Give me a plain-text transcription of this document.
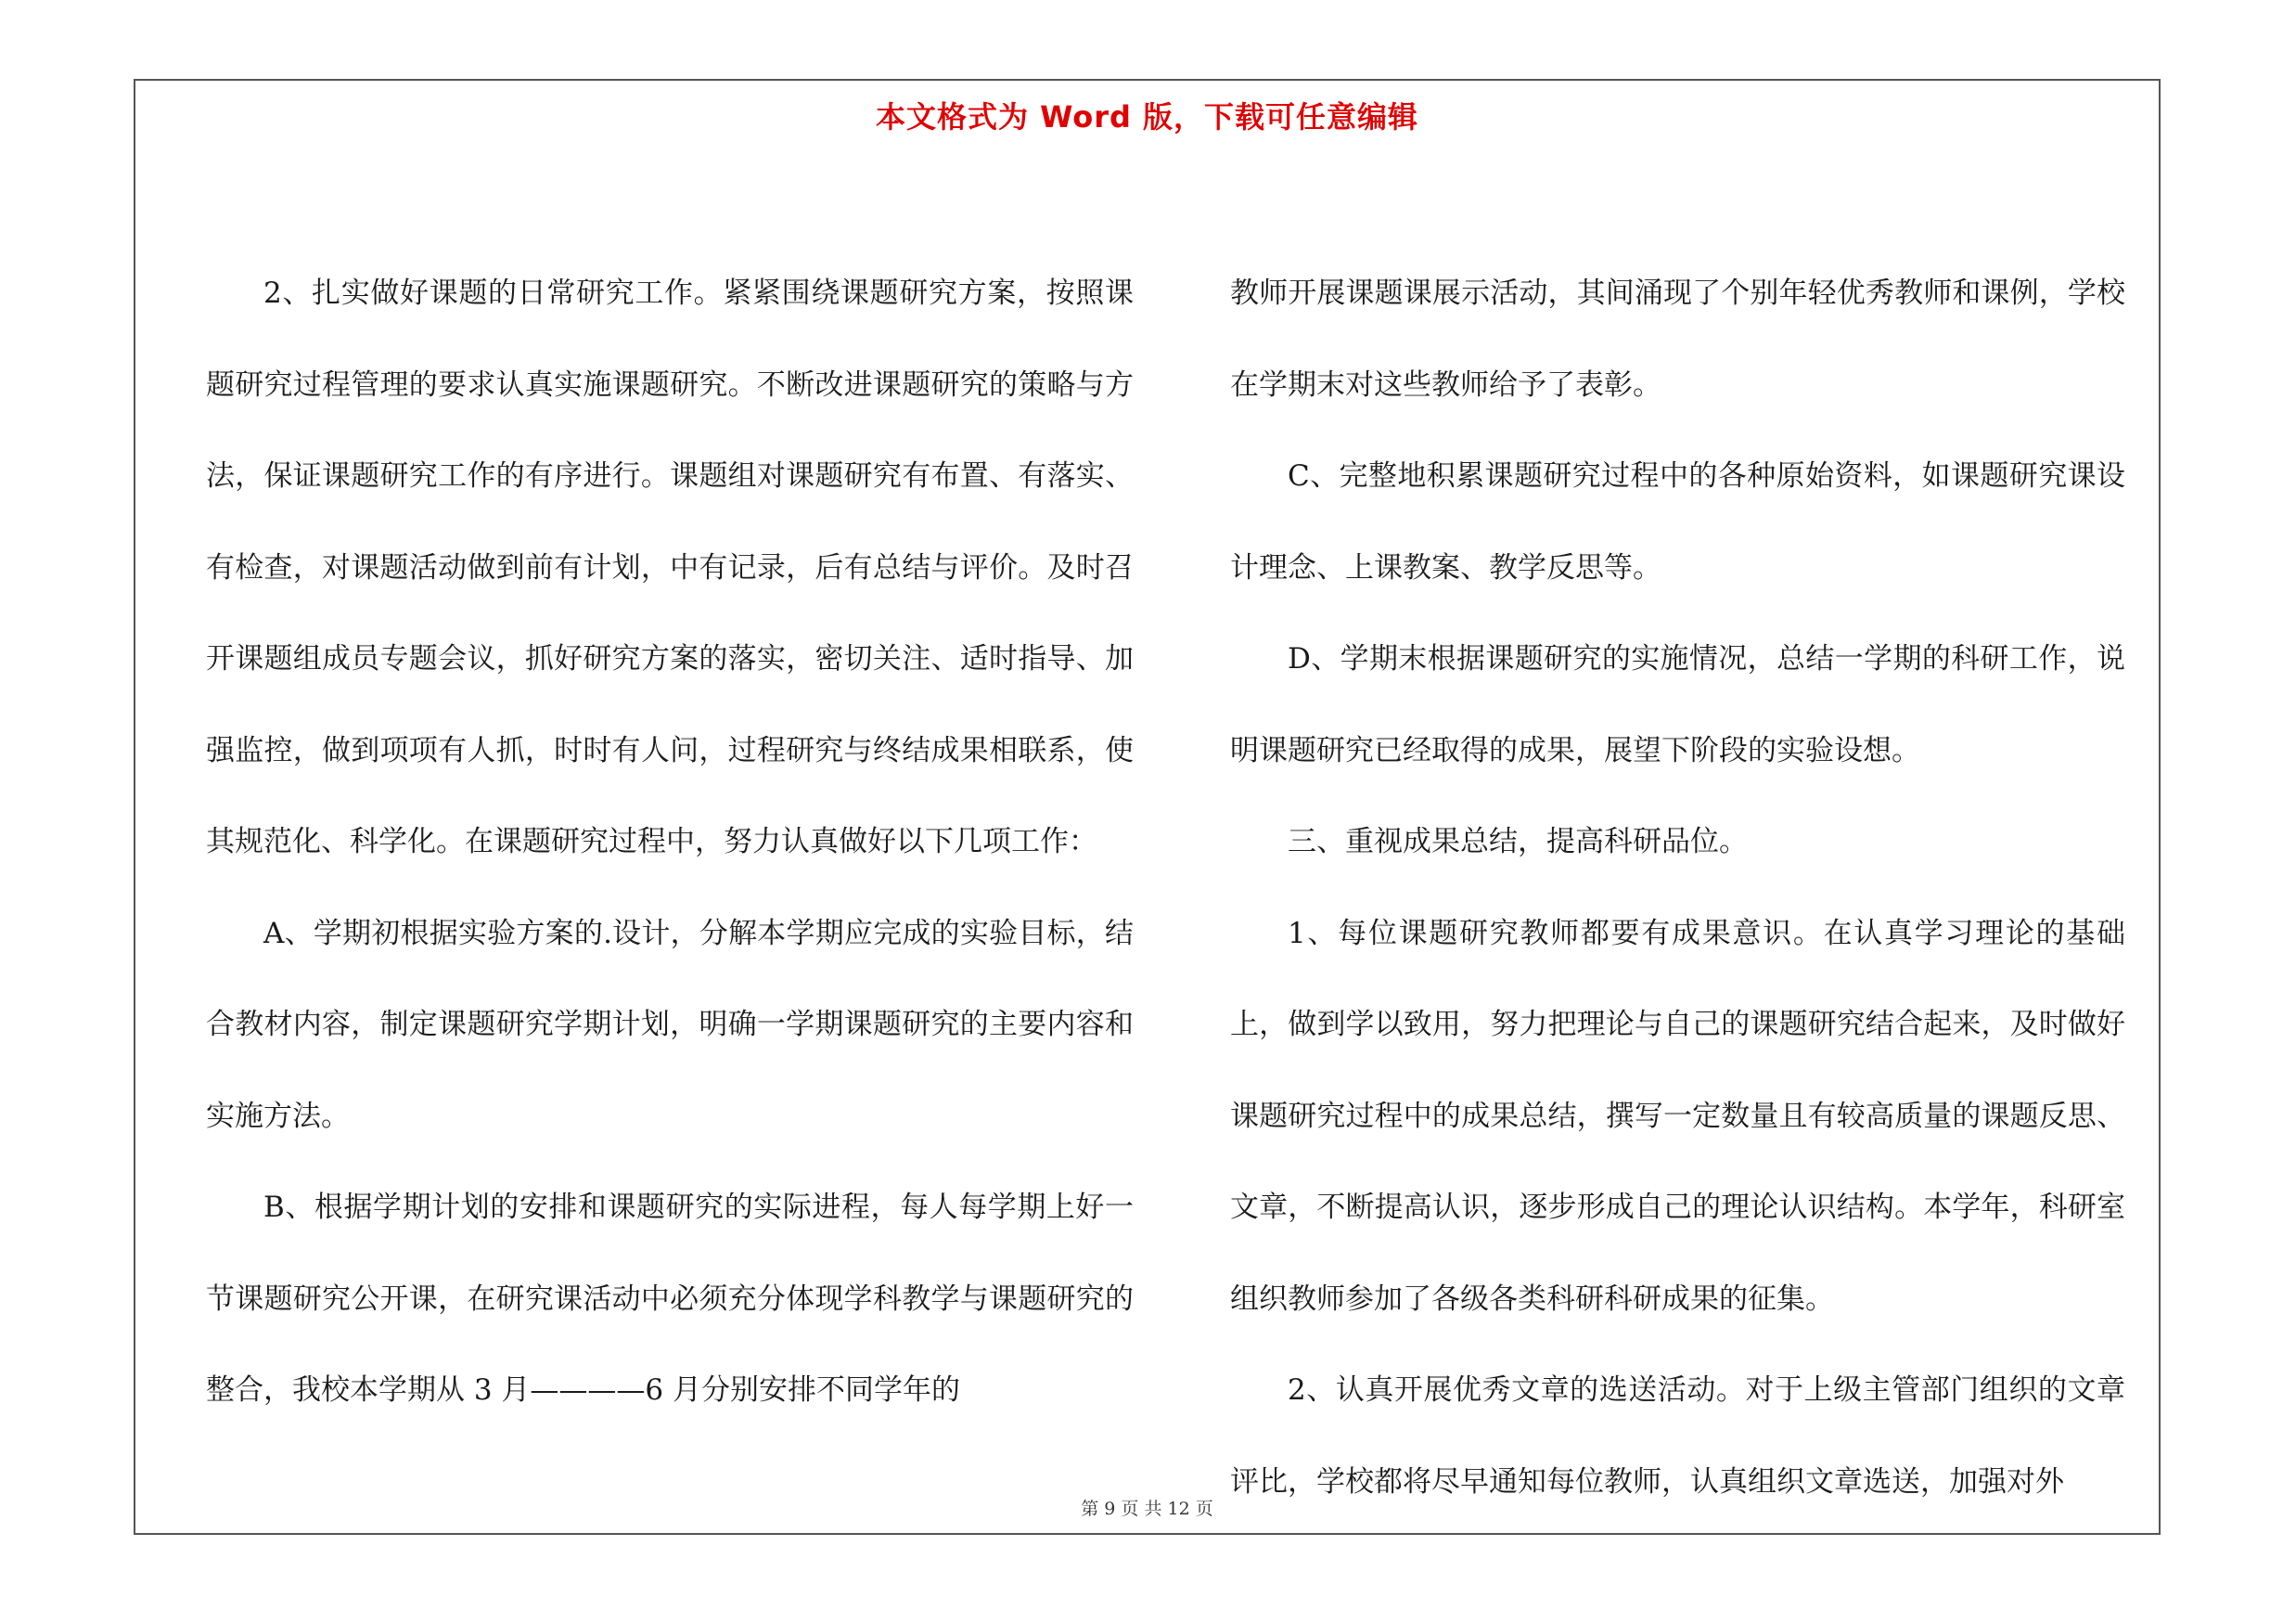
本文格式为 Word 版，下载可任意编辑

2、扎实做好课题的日常研究工作。紧紧围绕课题研究方案，按照课题研究过程管理的要求认真实施课题研究。不断改进课题研究的策略与方法，保证课题研究工作的有序进行。课题组对课题研究有布置、有落实、有检查，对课题活动做到前有计划，中有记录，后有总结与评价。及时召开课题组成员专题会议，抓好研究方案的落实，密切关注、适时指导、加强监控，做到项项有人抓，时时有人问，过程研究与终结成果相联系，使其规范化、科学化。在课题研究过程中，努力认真做好以下几项工作：

A、学期初根据实验方案的.设计，分解本学期应完成的实验目标，结合教材内容，制定课题研究学期计划，明确一学期课题研究的主要内容和实施方法。

B、根据学期计划的安排和课题研究的实际进程，每人每学期上好一节课题研究公开课，在研究课活动中必须充分体现学科教学与课题研究的整合，我校本学期从 3 月————6 月分别安排不同学年的

教师开展课题课展示活动，其间涌现了个别年轻优秀教师和课例，学校在学期末对这些教师给予了表彰。

C、完整地积累课题研究过程中的各种原始资料，如课题研究课设计理念、上课教案、教学反思等。

D、学期末根据课题研究的实施情况，总结一学期的科研工作，说明课题研究已经取得的成果，展望下阶段的实验设想。

三、重视成果总结，提高科研品位。

1、每位课题研究教师都要有成果意识。在认真学习理论的基础上，做到学以致用，努力把理论与自己的课题研究结合起来，及时做好课题研究过程中的成果总结，撰写一定数量且有较高质量的课题反思、文章，不断提高认识，逐步形成自己的理论认识结构。本学年，科研室组织教师参加了各级各类科研科研成果的征集。

2、认真开展优秀文章的选送活动。对于上级主管部门组织的文章评比，学校都将尽早通知每位教师，认真组织文章选送，加强对外

第 9 页 共 12 页
